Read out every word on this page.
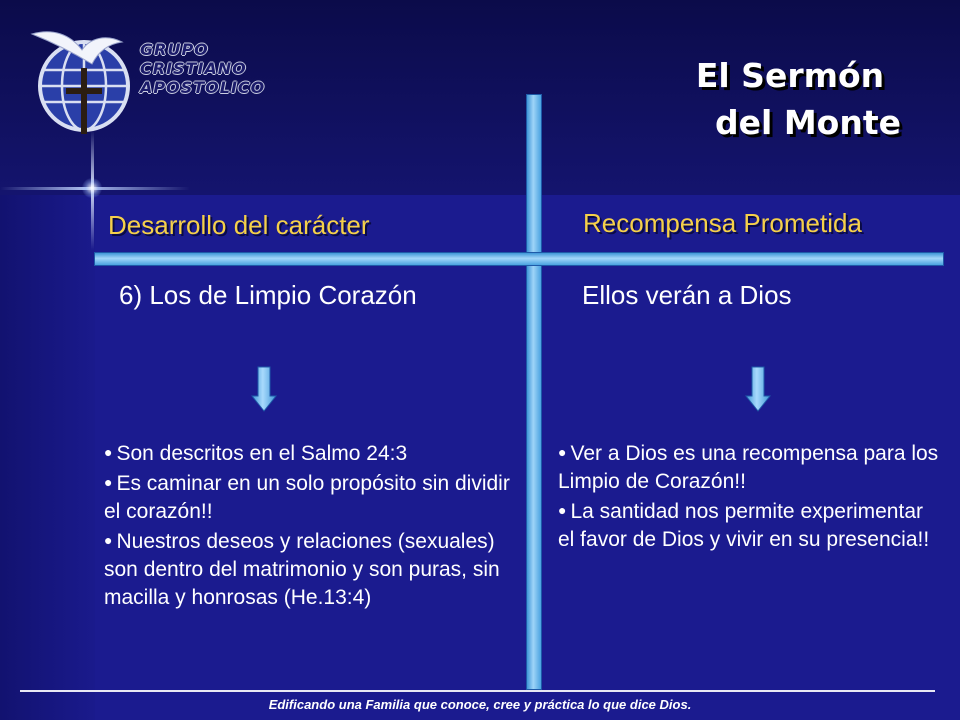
GRUPO
CRISTIANO
APOSTOLICO	El Sermón
del Monte
Desarrollo del carácter	Recompensa Prometida
6) Los de Limpio Corazón	Ellos verán a Dios

● Son descritos en el Salmo 24:3

● Es caminar en un solo propósito sin dividir el corazón!!

● Nuestros deseos y relaciones (sexuales) son dentro del matrimonio y son puras, sin macilla y honrosas (He.13:4)

● Ver a Dios es una recompensa para los Limpio de Corazón!!

● La santidad nos permite experimentar el favor de Dios y vivir en su presencia!!

Edificando una Familia que conoce, cree y práctica lo que dice Dios.
